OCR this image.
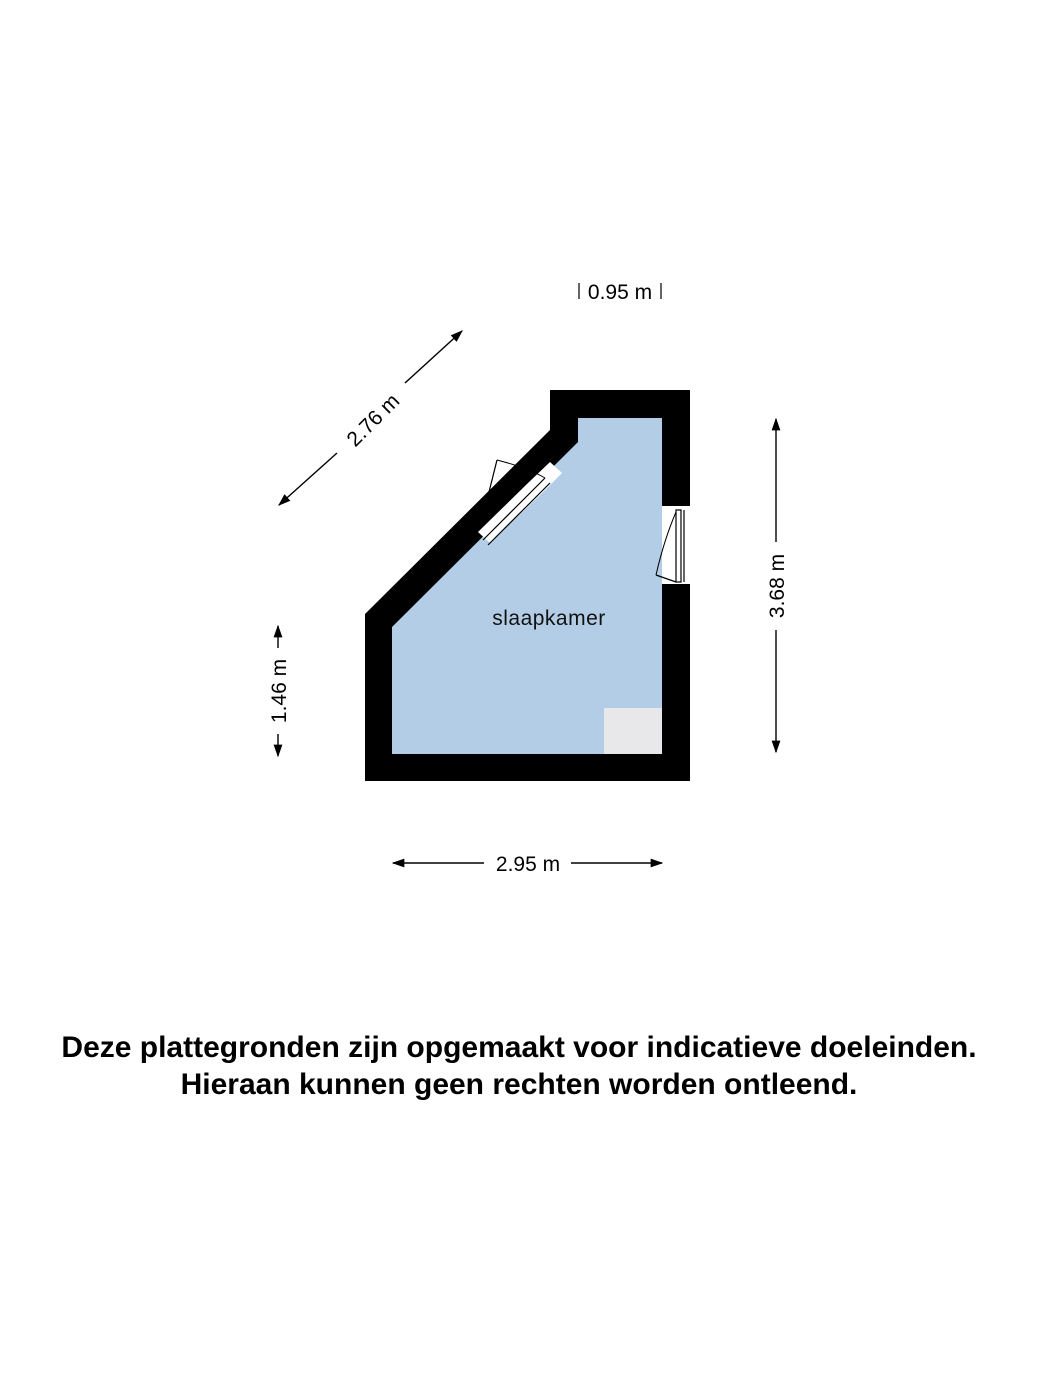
slaapkamer
0.95 m
2.76 m
3.68 m
1.46 m
2.95 m
Deze plattegronden zijn opgemaakt voor indicatieve doeleinden.
Hieraan kunnen geen rechten worden ontleend.
